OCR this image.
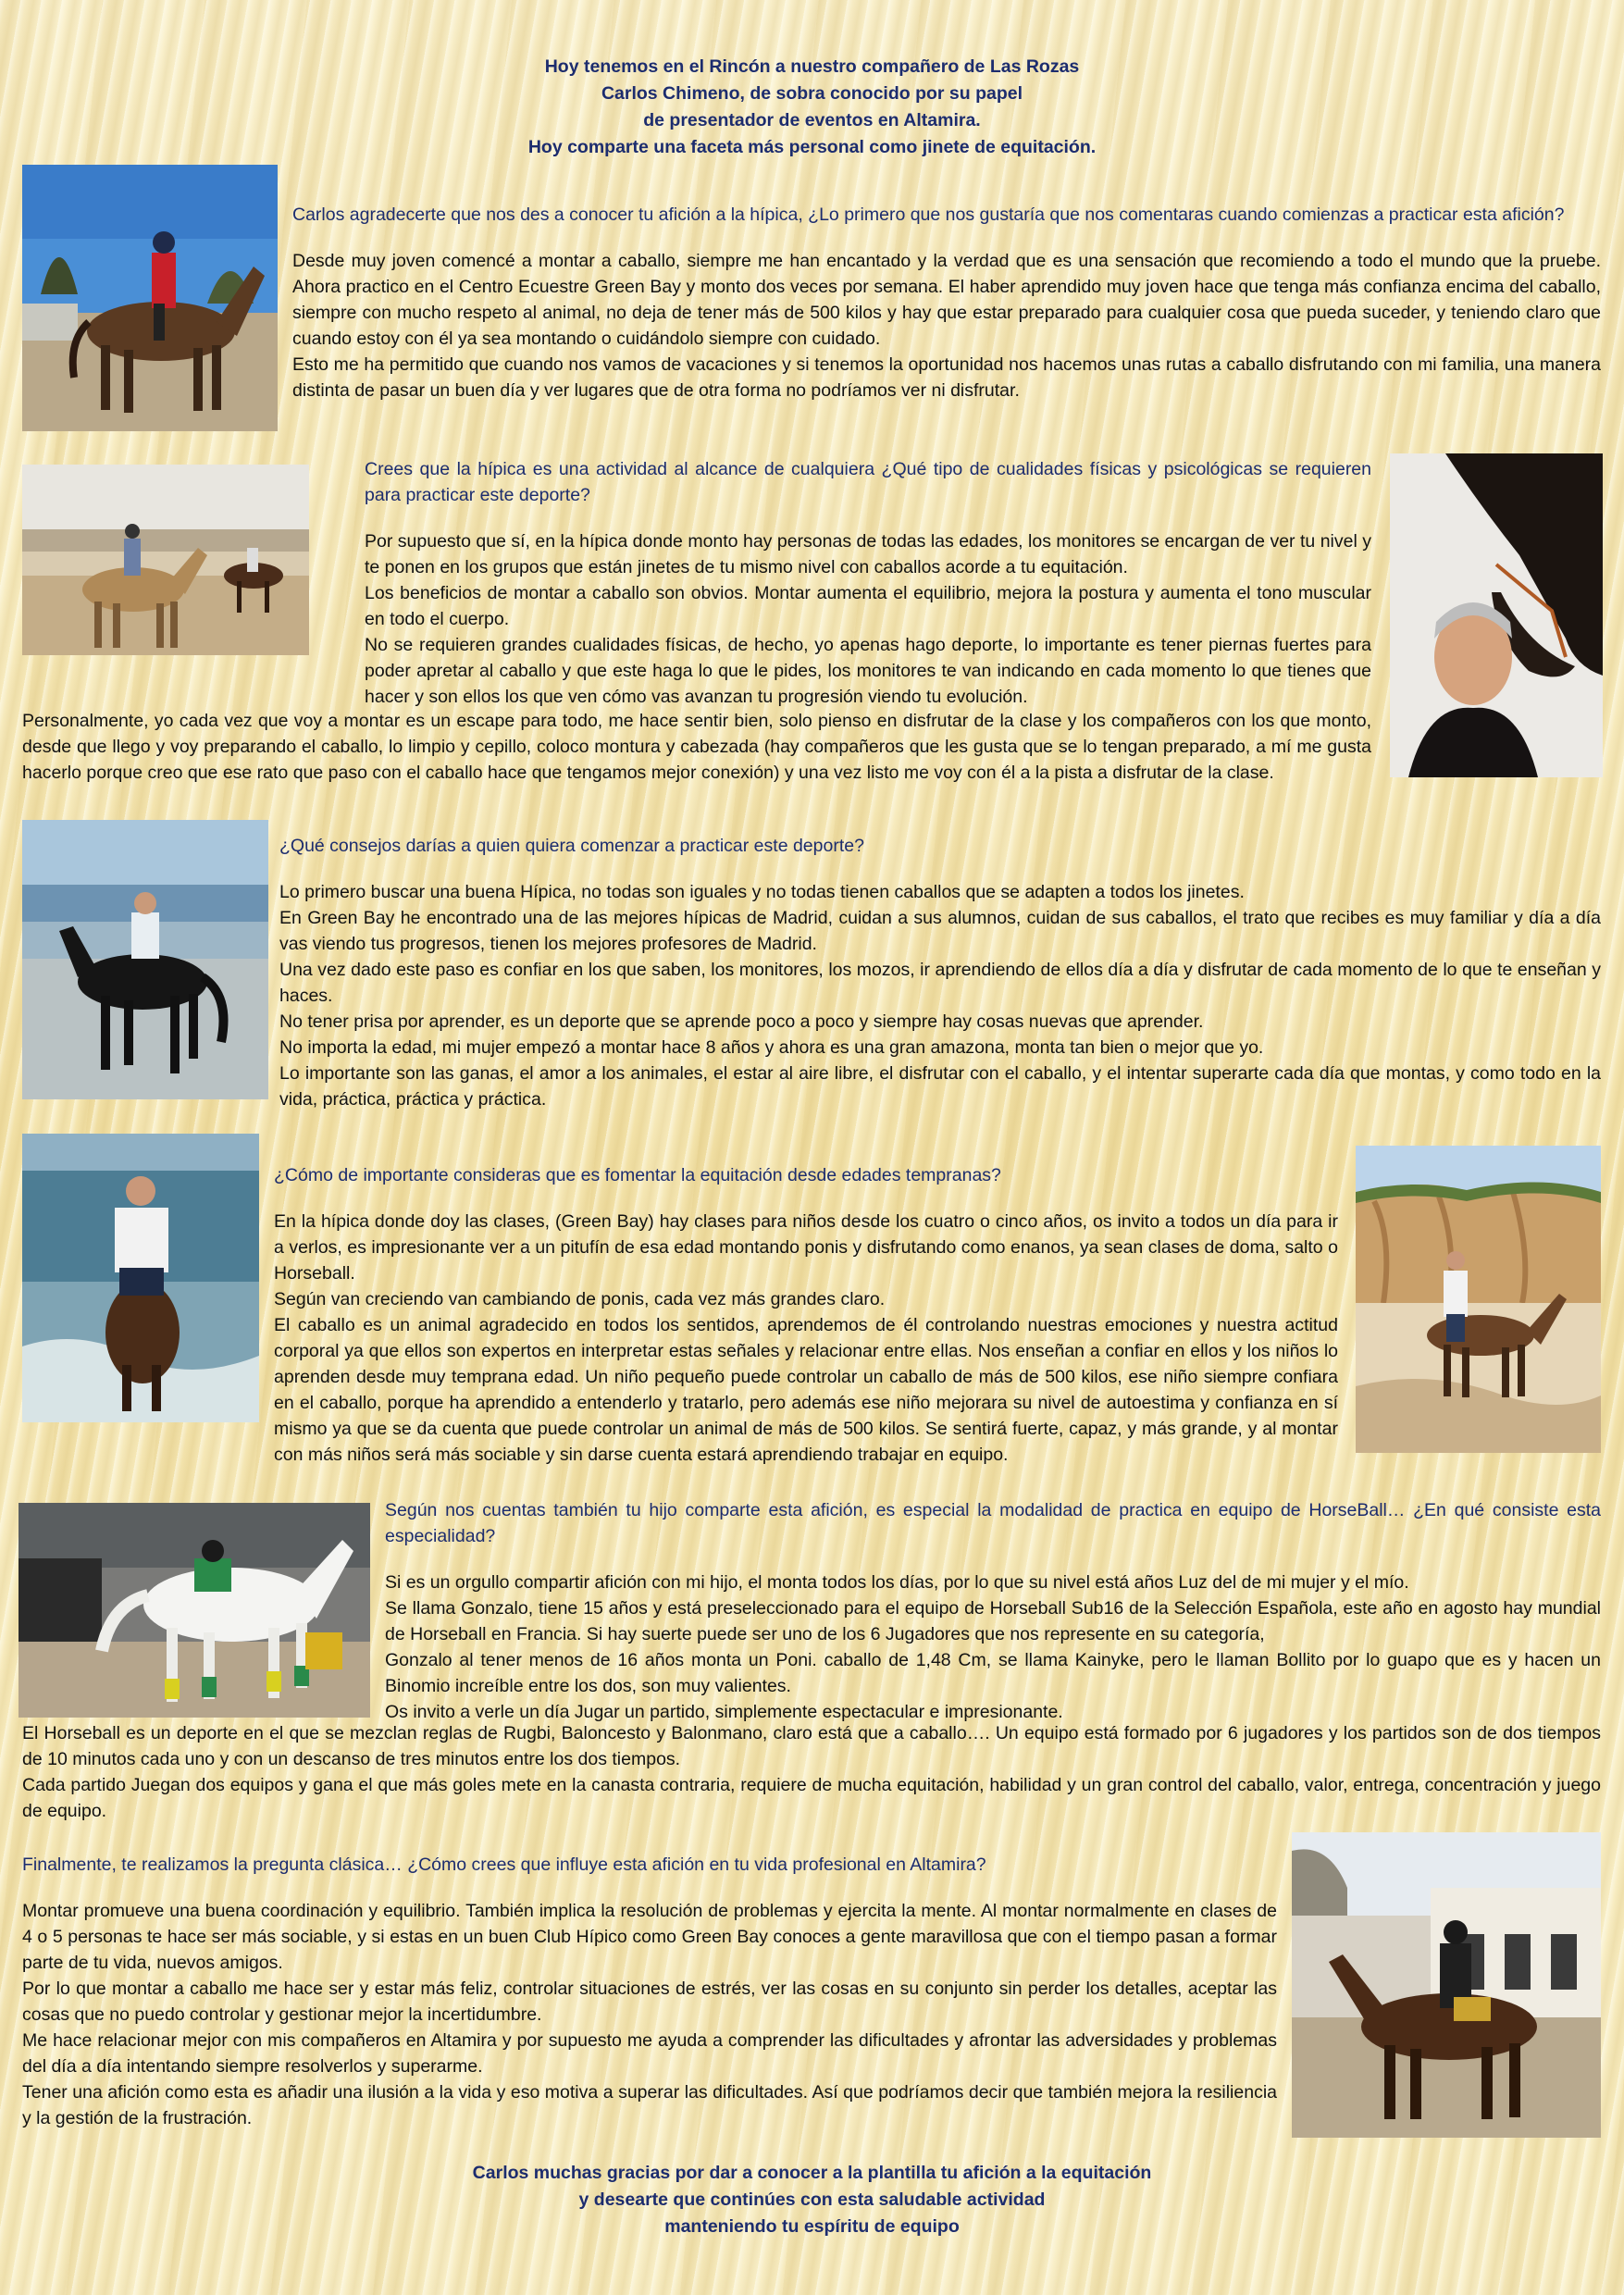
Hoy tenemos en el Rincón a nuestro compañero de Las Rozas
Carlos Chimeno, de sobra conocido por su papel
de presentador de eventos en Altamira.
Hoy comparte una faceta más personal como jinete de equitación.

Carlos agradecerte que nos des a conocer tu afición a la hípica, ¿Lo primero que nos gustaría que nos comentaras cuando comienzas a practicar esta afición?

Desde muy joven comencé a montar a caballo, siempre me han encantado y la verdad que es una sensación que recomiendo a todo el mundo que la pruebe. Ahora practico en el Centro Ecuestre Green Bay y monto dos veces por semana. El haber aprendido muy joven hace que tenga más confianza encima del caballo, siempre con mucho respeto al animal, no deja de tener más de 500 kilos y hay que estar preparado para cualquier cosa que pueda suceder, y teniendo claro que cuando estoy con él ya sea montando o cuidándolo siempre con cuidado.

Esto me ha permitido que cuando nos vamos de vacaciones y si tenemos la oportunidad nos hacemos unas rutas a caballo disfrutando con mi familia, una manera distinta de pasar un buen día y ver lugares que de otra forma no podríamos ver ni disfrutar.

Crees que la hípica es una actividad al alcance de cualquiera ¿Qué tipo de cualidades físicas y psicológicas se requieren para practicar este deporte?

Por supuesto que sí, en la hípica donde monto hay personas de todas las edades, los monitores se encargan de ver tu nivel y te ponen en los grupos que están jinetes de tu mismo nivel con caballos acorde a tu equitación.

Los beneficios de montar a caballo son obvios. Montar aumenta el equilibrio, mejora la postura y aumenta el tono muscular en todo el cuerpo.

No se requieren grandes cualidades físicas, de hecho, yo apenas hago deporte, lo importante es tener piernas fuertes para poder apretar al caballo y que este haga lo que le pides, los monitores te van indicando en cada momento lo que tienes que hacer y son ellos los que ven cómo vas avanzan tu progresión viendo tu evolución.

Personalmente, yo cada vez que voy a montar es un escape para todo, me hace sentir bien, solo pienso en disfrutar de la clase y los compañeros con los que monto, desde que llego y voy preparando el caballo, lo limpio y cepillo, coloco montura y cabezada (hay compañeros que les gusta que se lo tengan preparado, a mí me gusta hacerlo porque creo que ese rato que paso con el caballo hace que tengamos mejor conexión) y una vez listo me voy con él a la pista a disfrutar de la clase.

¿Qué consejos darías a quien quiera comenzar a practicar este deporte?

Lo primero buscar una buena Hípica, no todas son iguales y no todas tienen caballos que se adapten a todos los jinetes.

En Green Bay he encontrado una de las mejores hípicas de Madrid, cuidan a sus alumnos, cuidan de sus caballos, el trato que recibes es muy familiar y día a día vas viendo tus progresos, tienen los mejores profesores de Madrid.

Una vez dado este paso es confiar en los que saben, los monitores, los mozos, ir aprendiendo de ellos día a día y disfrutar de cada momento de lo que te enseñan y haces.

No tener prisa por aprender, es un deporte que se aprende poco a poco y siempre hay cosas nuevas que aprender.

No importa la edad, mi mujer empezó a montar hace 8 años y ahora es una gran amazona, monta tan bien o mejor que yo.

Lo importante son las ganas, el amor a los animales, el estar al aire libre, el disfrutar con el caballo, y el intentar superarte cada día que montas, y como todo en la vida, práctica, práctica y práctica.

¿Cómo de importante consideras que es fomentar la equitación desde edades tempranas?

En la hípica donde doy las clases, (Green Bay) hay clases para niños desde los cuatro o cinco años, os invito a todos un día para ir a verlos, es impresionante ver a un pitufín de esa edad montando ponis y disfrutando como enanos, ya sean clases de doma, salto o Horseball.

Según van creciendo van cambiando de ponis, cada vez más grandes claro.

El caballo es un animal agradecido en todos los sentidos, aprendemos de él controlando nuestras emociones y nuestra actitud corporal ya que ellos son expertos en interpretar estas señales y relacionar entre ellas. Nos enseñan a confiar en ellos y los niños lo aprenden desde muy temprana edad. Un niño pequeño puede controlar un caballo de más de 500 kilos, ese niño siempre confiara en el caballo, porque ha aprendido a entenderlo y tratarlo, pero además ese niño mejorara su nivel de autoestima y confianza en sí mismo ya que se da cuenta que puede controlar un animal de más de 500 kilos. Se sentirá fuerte, capaz, y más grande, y al montar con más niños será más sociable y sin darse cuenta estará aprendiendo trabajar en equipo.

Según nos cuentas también tu hijo comparte esta afición, es especial la modalidad de practica en equipo de HorseBall… ¿En qué consiste esta especialidad?

Si es un orgullo compartir afición con mi hijo, el monta todos los días, por lo que su nivel está años Luz del de mi mujer y el mío.

Se llama Gonzalo, tiene 15 años y está preseleccionado para el equipo de Horseball Sub16 de la Selección Española, este año en agosto hay mundial de Horseball en Francia. Si hay suerte puede ser uno de los 6 Jugadores que nos represente en su categoría,

Gonzalo al tener menos de 16 años monta un Poni. caballo de 1,48 Cm, se llama Kainyke, pero le llaman Bollito por lo guapo que es y hacen un Binomio increíble entre los dos, son muy valientes.

Os invito a verle un día Jugar un partido, simplemente espectacular e impresionante.

El Horseball es un deporte en el que se mezclan reglas de Rugbi, Baloncesto y Balonmano, claro está que a caballo…. Un equipo está formado por 6 jugadores y los partidos son de dos tiempos de 10 minutos cada uno y con un descanso de tres minutos entre los dos tiempos.

Cada partido Juegan dos equipos y gana el que más goles mete en la canasta contraria, requiere de mucha equitación, habilidad y un gran control del caballo, valor, entrega, concentración y juego de equipo.

Finalmente, te realizamos la pregunta clásica… ¿Cómo crees que influye esta afición en tu vida profesional en Altamira?

Montar promueve una buena coordinación y equilibrio. También implica la resolución de problemas y ejercita la mente. Al montar normalmente en clases de 4 o 5 personas te hace ser más sociable, y si estas en un buen Club Hípico como Green Bay conoces a gente maravillosa que con el tiempo pasan a formar parte de tu vida, nuevos amigos.

Por lo que montar a caballo me hace ser y estar más feliz, controlar situaciones de estrés, ver las cosas en su conjunto sin perder los detalles, aceptar las cosas que no puedo controlar y gestionar mejor la incertidumbre.

Me hace relacionar mejor con mis compañeros en Altamira y por supuesto me ayuda a comprender las dificultades y afrontar las adversidades y problemas del día a día intentando siempre resolverlos y superarme.

Tener una afición como esta es añadir una ilusión a la vida y eso motiva a superar las dificultades. Así que podríamos decir que también mejora la resiliencia y la gestión de la frustración.

Carlos muchas gracias por dar a conocer a la plantilla tu afición a la equitación
y desearte que continúes con esta saludable actividad
manteniendo tu espíritu de equipo
